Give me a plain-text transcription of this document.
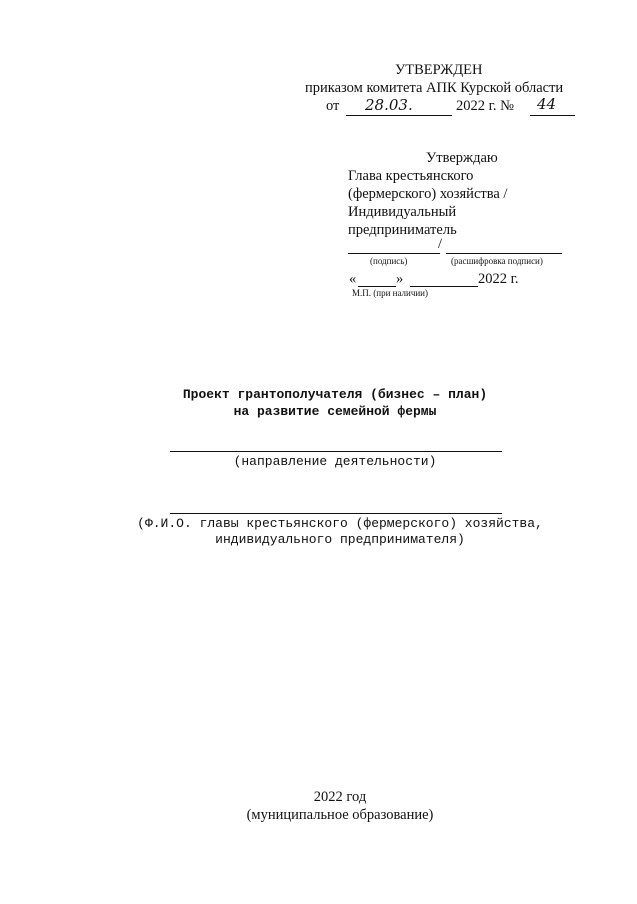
УТВЕРЖДЕН
приказом комитета АПК Курской области
от 28.03.	2022 г. № 44
Утверждаю
Глава крестьянского
(фермерского) хозяйства /
Индивидуальный
предприниматель
/
(подпись)	(расшифровка подписи)
«	»	2022 г.
М.П. (при наличии)
Проект грантополучателя (бизнес – план)
на развитие семейной фермы
(направление деятельности)
(Ф.И.О. главы крестьянского (фермерского) хозяйства,
индивидуального предпринимателя)
2022 год
(муниципальное образование)
